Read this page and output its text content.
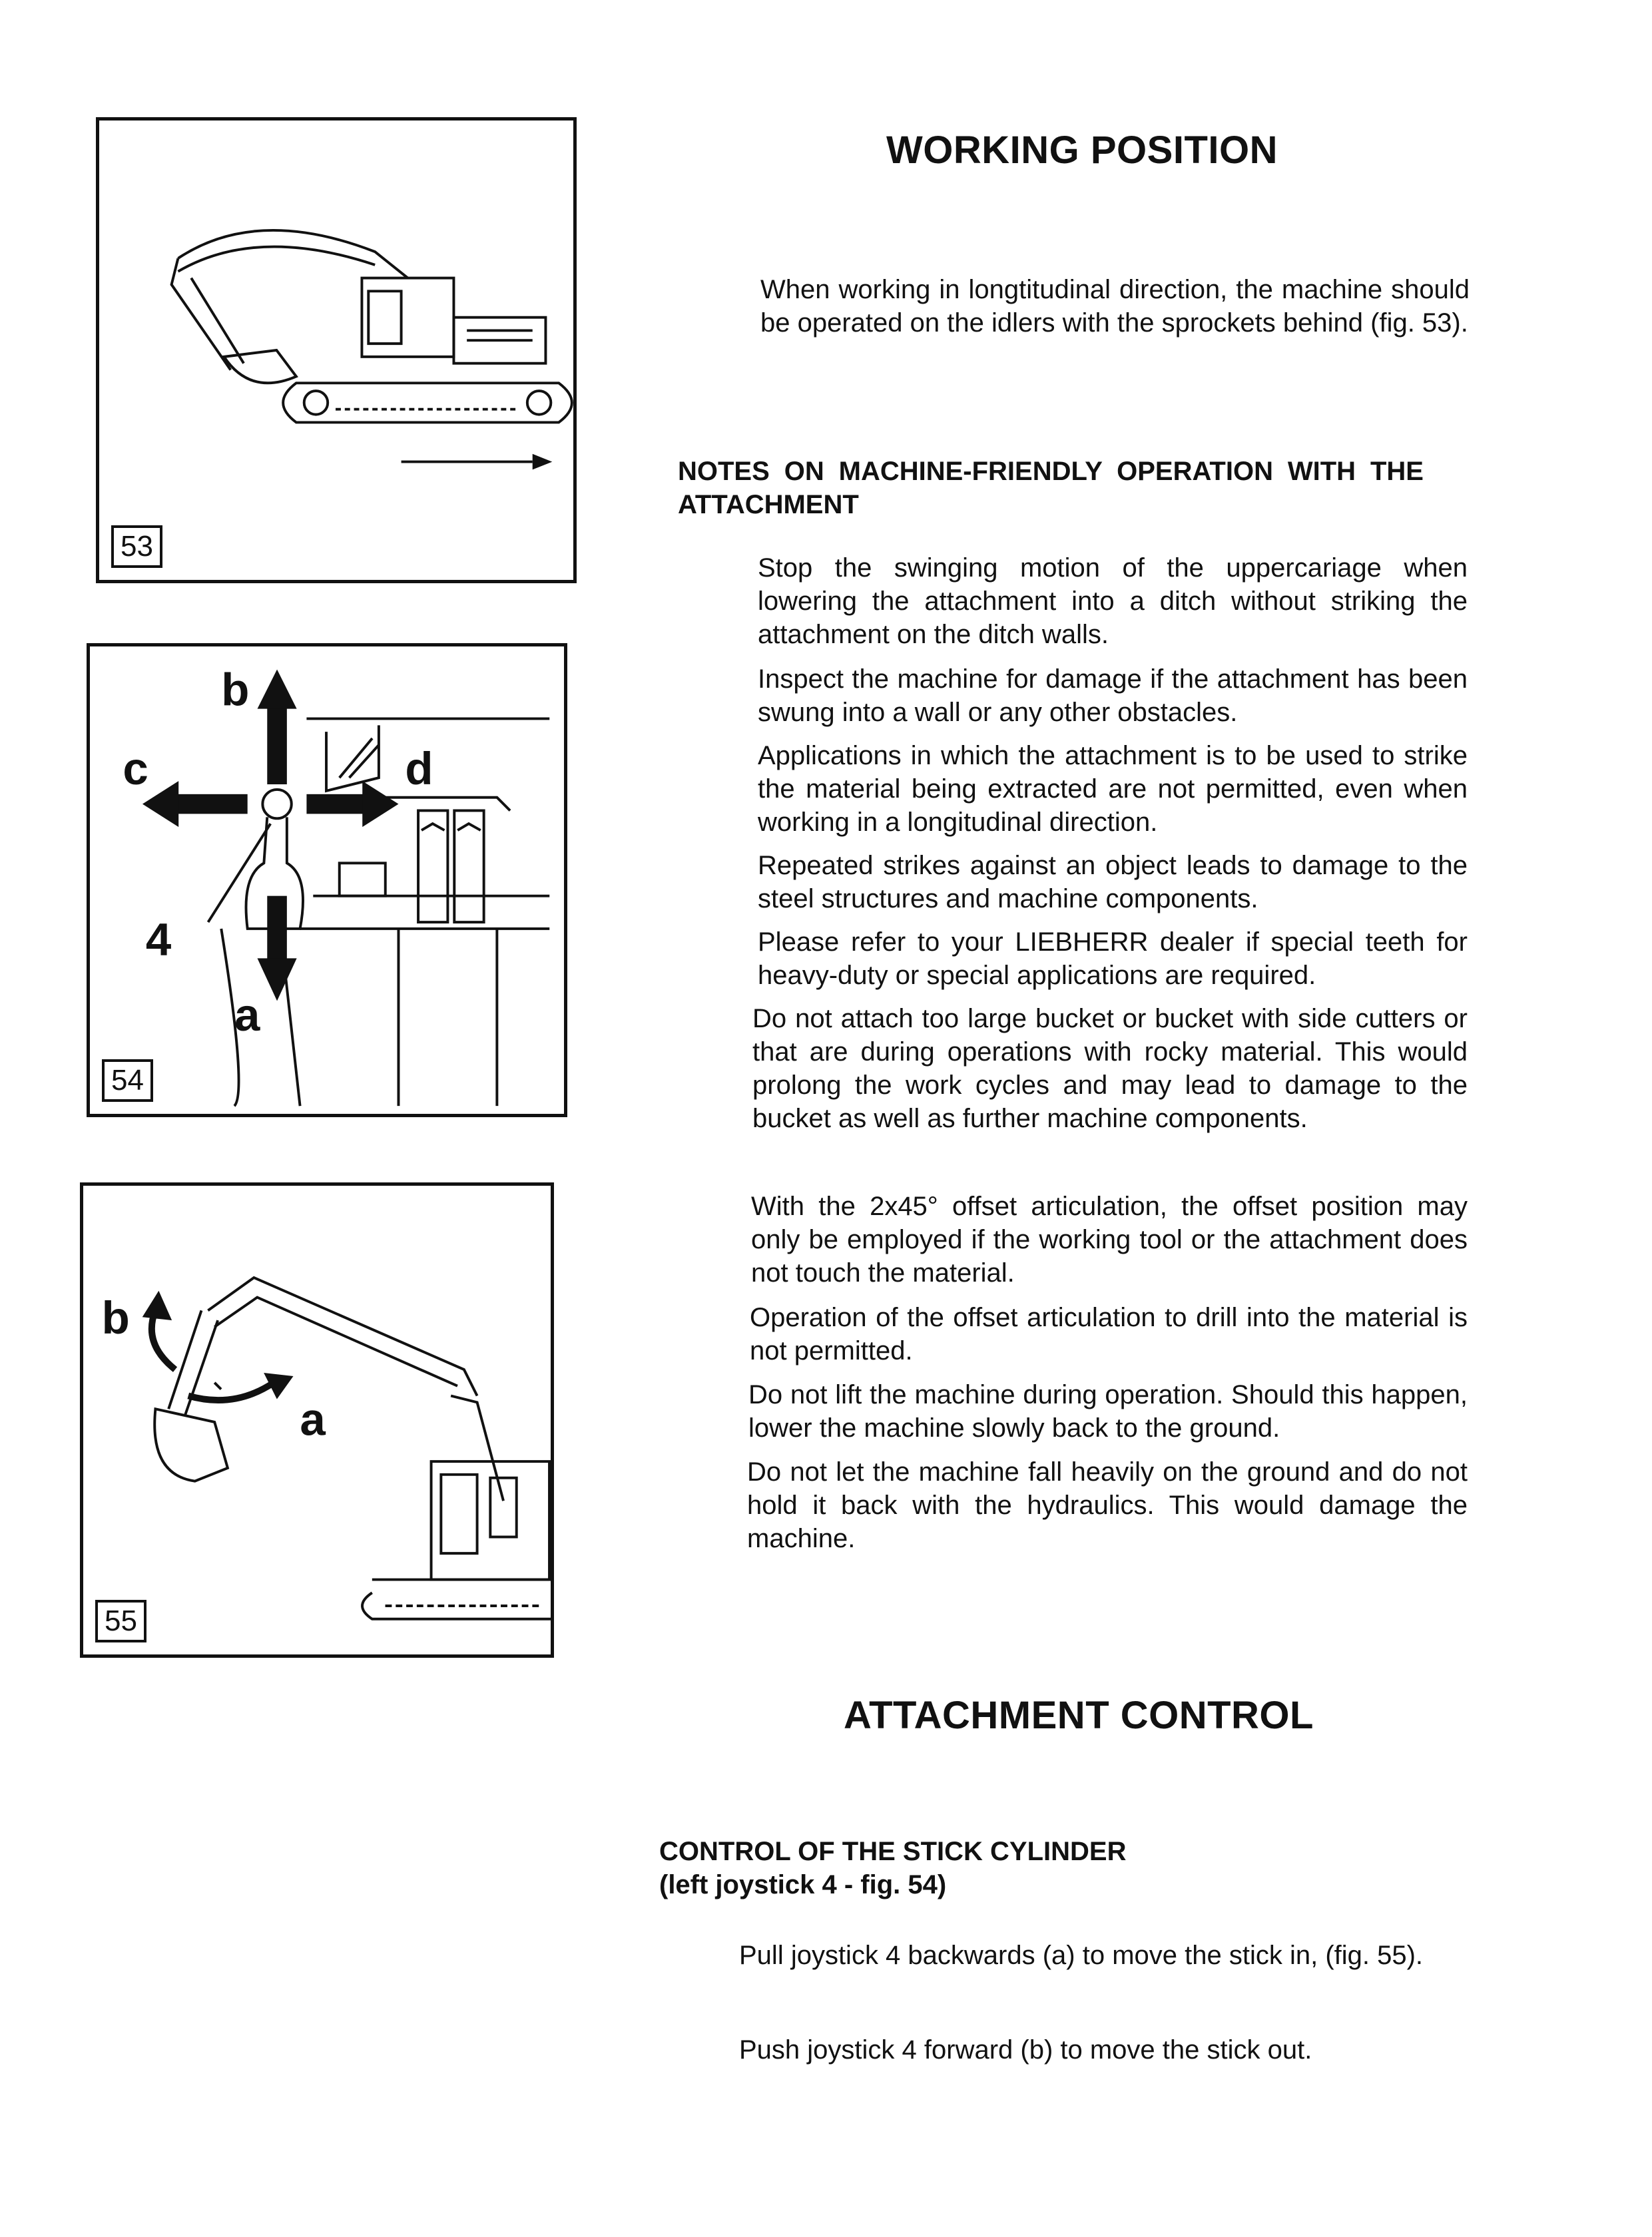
53
b
c	d
a
4
54
b
a
55
WORKING POSITION

When working in longtitudinal direction, the machine should be operated on the idlers with the sprockets behind (fig. 53).

NOTES ON MACHINE-FRIENDLY OPERATION WITH THE
ATTACHMENT

Stop the swinging motion of the uppercariage when lowering the attachment into a ditch without striking the attachment on the ditch walls.

Inspect the machine for damage if the attachment has been swung into a wall or any other obstacles.

Applications in which the attachment is to be used to strike the material being extracted are not permitted, even when working in a longitudinal direction.

Repeated strikes against an object leads to damage to the steel structures and machine components.

Please refer to your LIEBHERR dealer if special teeth for heavy-duty or special applications are required.

Do not attach too large bucket or bucket with side cutters or that are during operations with rocky material. This would prolong the work cycles and may lead to damage to the bucket as well as further machine components.

With the 2x45° offset articulation, the offset position may only be employed if the working tool or the attachment does not touch the material.

Operation of the offset articulation to drill into the material is not permitted.

Do not lift the machine during operation. Should this happen, lower the machine slowly back to the ground.

Do not let the machine fall heavily on the ground and do not hold it back with the hydraulics. This would damage the machine.

ATTACHMENT CONTROL
CONTROL OF THE STICK CYLINDER
(left joystick 4 - fig. 54)

Pull joystick 4 backwards (a) to move the stick in, (fig. 55).

Push joystick 4 forward (b) to move the stick out.
